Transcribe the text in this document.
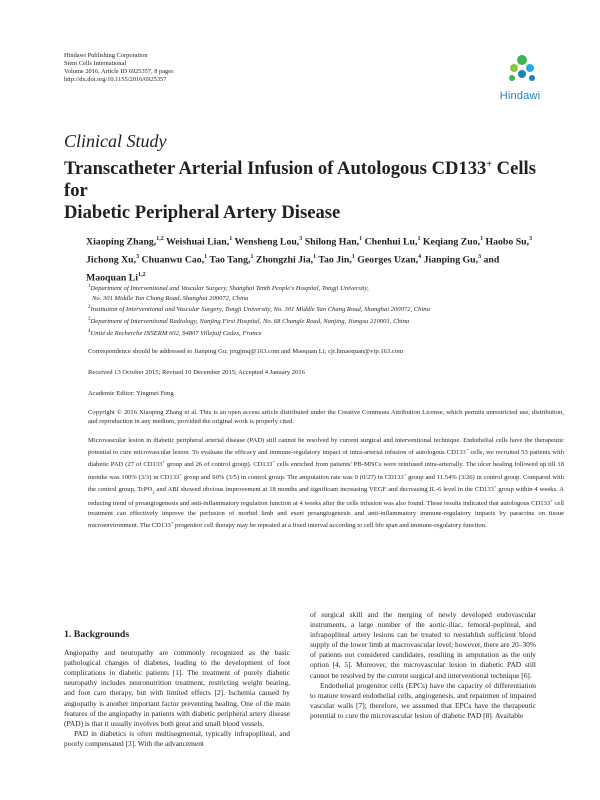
Hindawi Publishing Corporation
Stem Cells International
Volume 2016, Article ID 6925357, 8 pages
http://dx.doi.org/10.1155/2016/6925357
Hindawi
Clinical Study
Transcatheter Arterial Infusion of Autologous CD133+ Cells for
Diabetic Peripheral Artery Disease
Xiaoping Zhang,$^{1,2}$ Weishuai Lian,$^1$ Wensheng Lou,$^3$ Shilong Han,$^1$ Chenhui Lu,$^1$ Keqiang Zuo,$^1$ Haobo Su,$^3$ Jichong Xu,$^3$ Chuanwu Cao,$^1$ Tao Tang,$^1$ Zhongzhi Jia,$^1$ Tao Jin,$^1$ Georges Uzan,$^4$ Jianping Gu,$^3$ and Maoquan Li$^{1,2}$
$^1$Department of Interventional and Vascular Surgery, Shanghai Tenth People's Hospital, Tongji University,
No. 301 Middle Yan Chang Road, Shanghai 200072, China
$^2$Institution of Interventional and Vascular Surgery, Tongji University, No. 301 Middle Yan Chang Road, Shanghai 200072, China
$^3$Department of Interventional Radiology, Nanjing First Hospital, No. 68 Changle Road, Nanjing, Jiangsu 210001, China
$^4$Unité de Recherche INSERM 602, 94807 Villejuif Cedex, France
Correspondence should be addressed to Jianping Gu; jrxgjmq@163.com and Maoquan Li; cjr.limaoquan@vip.163.com
Received 13 October 2015; Revised 10 December 2015; Accepted 4 January 2016
Academic Editor: Yingmei Feng
Copyright © 2016 Xiaoping Zhang et al. This is an open access article distributed under the Creative Commons Attribution License, which permits unrestricted use, distribution, and reproduction in any medium, provided the original work is properly cited.
Microvascular lesion in diabetic peripheral arterial disease (PAD) still cannot be resolved by current surgical and interventional technique. Endothelial cells have the therapeutic potential to cure microvascular lesion. To evaluate the efficacy and immune-regulatory impact of intra-arterial infusion of autologous CD133+ cells, we recruited 53 patients with diabetic PAD (27 of CD133+ group and 26 of control group). CD133+ cells enriched from patients' PB-MNCs were reinfused intra-arterially. The ulcer healing followed up till 18 months was 100% (3/3) in CD133+ group and 60% (3/5) in control group. The amputation rate was 0 (0/27) in CD133+ group and 11.54% (3/26) in control group. Compared with the control group, TcPO$_2$ and ABI showed obvious improvement at 18 months and significant increasing VEGF and decreasing IL-6 level in the CD133+ group within 4 weeks. A reducing trend of proangiogenesis and anti-inflammatory regulation function at 4 weeks after the cells infusion was also found. These results indicated that autologous CD133+ cell treatment can effectively improve the perfusion of morbid limb and exert proangiogenesis and anti-inflammatory immune-regulatory impacts by paracrine on tissue microenvironment. The CD133+ progenitor cell therapy may be repeated at a fixed interval according to cell life span and immune-regulatory function.
1. Backgrounds

Angiopathy and neuropathy are commonly recognized as the basic pathological changes of diabetes, leading to the development of foot complications in diabetic patients [1]. The treatment of purely diabetic neuropathy includes neuronutrition treatment, restricting weight bearing, and foot care therapy, but with limited effects [2]. Ischemia caused by angiopathy is another important factor preventing healing. One of the main features of the angiopathy in patients with diabetic peripheral artery disease (PAD) is that it usually involves both great and small blood vessels.

PAD in diabetics is often multisegmental, typically infrapopliteal, and poorly compensated [3]. With the advancement

of surgical skill and the merging of newly developed endovascular instruments, a large number of the aortic-iliac, femoral-popliteal, and infrapopliteal artery lesions can be treated to reestablish sufficient blood supply of the lower limb at macrovascular level; however, there are 20–30% of patients not considered candidates, resulting in amputation as the only option [4, 5]. Moreover, the microvascular lesion in diabetic PAD still cannot be resolved by the current surgical and interventional technique [6].

Endothelial progenitor cells (EPCs) have the capacity of differentiation to mature toward endothelial cells, angiogenesis, and repairmen of impaired vascular walls [7]; therefore, we assumed that EPCs have the therapeutic potential to cure the microvascular lesion of diabetic PAD [8]. Available
